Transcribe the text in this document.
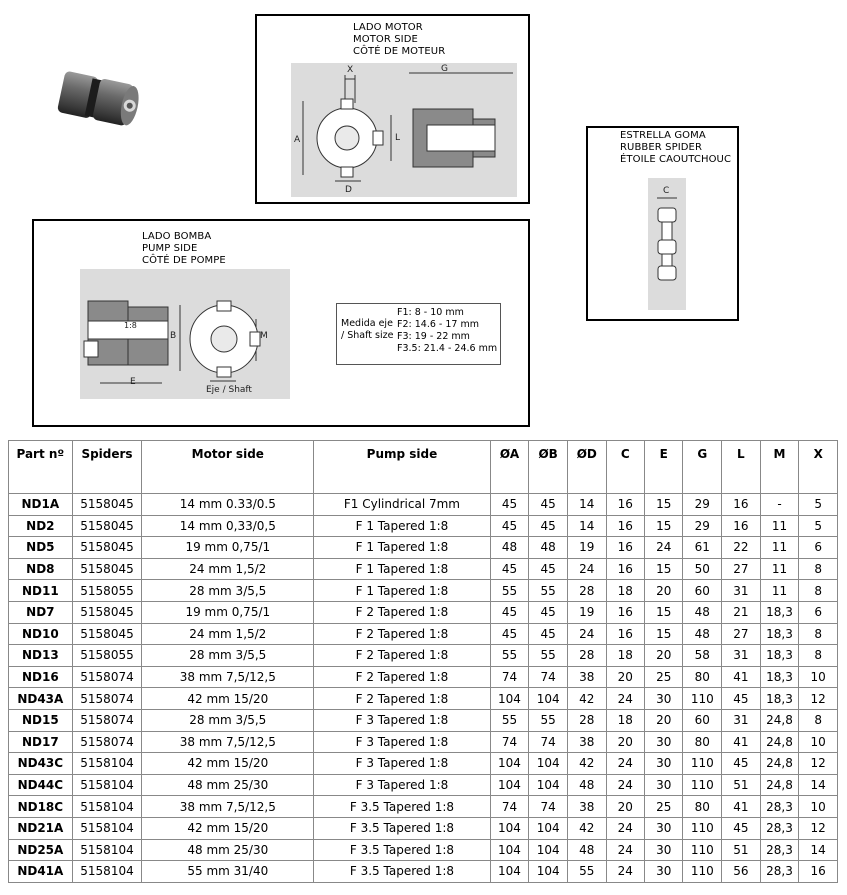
LADO MOTOR
MOTOR SIDE
CÔTÉ DE MOTEUR
X	G
A	L
D
LADO BOMBA
PUMP SIDE
CÔTÉ DE POMPE
1:8
B	M
E
Eje / Shaft
Medida eje
/ Shaft size
F1: 8 - 10 mm
F2: 14.6 - 17 mm
F3: 19 - 22 mm
F3.5: 21.4 - 24.6 mm
ESTRELLA GOMA
RUBBER SPIDER
ÉTOILE CAOUTCHOUC
C
Part nº	Spiders	Motor side	Pump side	ØA	ØB	ØD	C	E	G	L	M	X
ND1A	5158045	14 mm 0.33/0.5	F1 Cylindrical 7mm	45	45	14	16	15	29	16	-	5
ND2	5158045	14 mm 0,33/0,5	F 1 Tapered 1:8	45	45	14	16	15	29	16	11	5
ND5	5158045	19 mm 0,75/1	F 1 Tapered 1:8	48	48	19	16	24	61	22	11	6
ND8	5158045	24 mm 1,5/2	F 1 Tapered 1:8	45	45	24	16	15	50	27	11	8
ND11	5158055	28 mm 3/5,5	F 1 Tapered 1:8	55	55	28	18	20	60	31	11	8
ND7	5158045	19 mm 0,75/1	F 2 Tapered 1:8	45	45	19	16	15	48	21	18,3	6
ND10	5158045	24 mm 1,5/2	F 2 Tapered 1:8	45	45	24	16	15	48	27	18,3	8
ND13	5158055	28 mm 3/5,5	F 2 Tapered 1:8	55	55	28	18	20	58	31	18,3	8
ND16	5158074	38 mm 7,5/12,5	F 2 Tapered 1:8	74	74	38	20	25	80	41	18,3	10
ND43A	5158074	42 mm 15/20	F 2 Tapered 1:8	104	104	42	24	30	110	45	18,3	12
ND15	5158074	28 mm 3/5,5	F 3 Tapered 1:8	55	55	28	18	20	60	31	24,8	8
ND17	5158074	38 mm 7,5/12,5	F 3 Tapered 1:8	74	74	38	20	30	80	41	24,8	10
ND43C	5158104	42 mm 15/20	F 3 Tapered 1:8	104	104	42	24	30	110	45	24,8	12
ND44C	5158104	48 mm 25/30	F 3 Tapered 1:8	104	104	48	24	30	110	51	24,8	14
ND18C	5158104	38 mm 7,5/12,5	F 3.5 Tapered 1:8	74	74	38	20	25	80	41	28,3	10
ND21A	5158104	42 mm 15/20	F 3.5 Tapered 1:8	104	104	42	24	30	110	45	28,3	12
ND25A	5158104	48 mm 25/30	F 3.5 Tapered 1:8	104	104	48	24	30	110	51	28,3	14
ND41A	5158104	55 mm 31/40	F 3.5 Tapered 1:8	104	104	55	24	30	110	56	28,3	16
